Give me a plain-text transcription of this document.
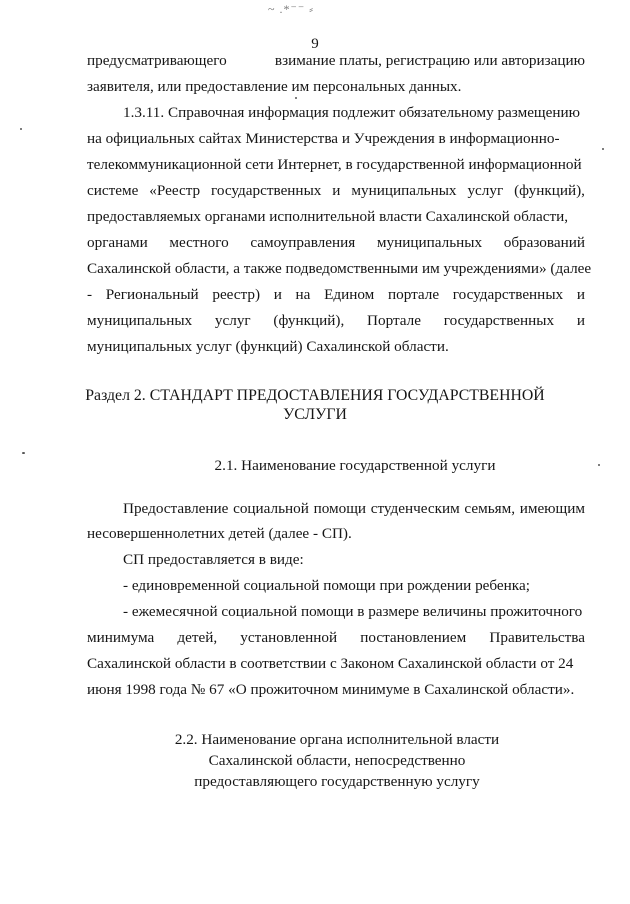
~ .*⁻⁻ ⸗
9
предусматривающего	взимание платы, регистрацию или авторизацию
заявителя, или предоставление им персональных данных.
1.3.11. Справочная информация подлежит обязательному размещению
на официальных сайтах Министерства и Учреждения в информационно-
телекоммуникационной сети Интернет, в государственной информационной
системе «Реестр государственных и муниципальных услуг (функций),
предоставляемых органами исполнительной власти Сахалинской области,
органами местного самоуправления муниципальных образований
Сахалинской области, а также подведомственными им учреждениями» (далее
- Региональный реестр) и на Едином портале государственных и
муниципальных услуг (функций), Портале государственных и
муниципальных услуг (функций) Сахалинской области.
Раздел 2. СТАНДАРТ ПРЕДОСТАВЛЕНИЯ ГОСУДАРСТВЕННОЙ
УСЛУГИ
2.1. Наименование государственной услуги
Предоставление социальной помощи студенческим семьям, имеющим
несовершеннолетних детей (далее - СП).
СП предоставляется в виде:
- единовременной социальной помощи при рождении ребенка;
- ежемесячной социальной помощи в размере величины прожиточного
минимума детей, установленной постановлением Правительства
Сахалинской области в соответствии с Законом Сахалинской области от 24
июня 1998 года № 67 «О прожиточном минимуме в Сахалинской области».
2.2. Наименование органа исполнительной власти
Сахалинской области, непосредственно
предоставляющего государственную услугу
